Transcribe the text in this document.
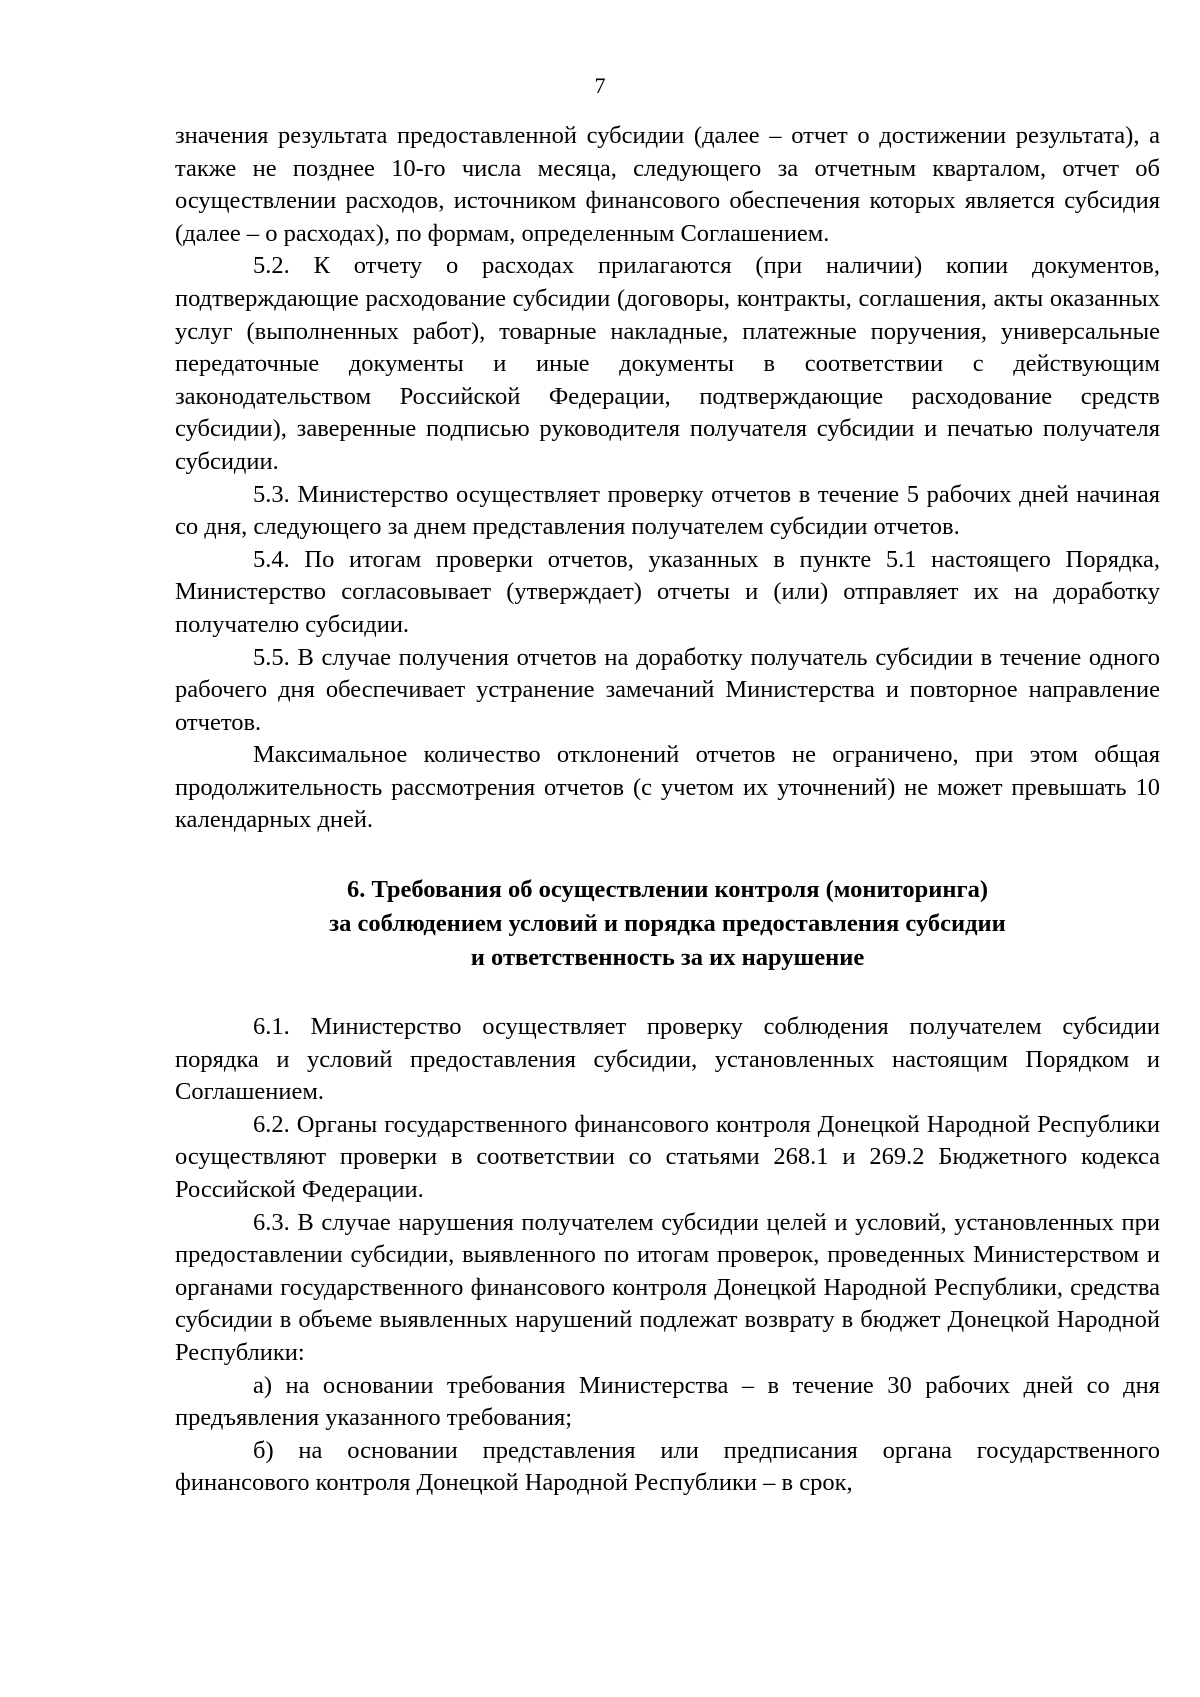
7

значения результата предоставленной субсидии (далее – отчет о достижении результата), а также не позднее 10-го числа месяца, следующего за отчетным кварталом, отчет об осуществлении расходов, источником финансового обеспечения которых является субсидия (далее – о расходах), по формам, определенным Соглашением.

5.2. К отчету о расходах прилагаются (при наличии) копии документов, подтверждающие расходование субсидии (договоры, контракты, соглашения, акты оказанных услуг (выполненных работ), товарные накладные, платежные поручения, универсальные передаточные документы и иные документы в соответствии с действующим законодательством Российской Федерации, подтверждающие расходование средств субсидии), заверенные подписью руководителя получателя субсидии и печатью получателя субсидии.

5.3. Министерство осуществляет проверку отчетов в течение 5 рабочих дней начиная со дня, следующего за днем представления получателем субсидии отчетов.

5.4. По итогам проверки отчетов, указанных в пункте 5.1 настоящего Порядка, Министерство согласовывает (утверждает) отчеты и (или) отправляет их на доработку получателю субсидии.

5.5. В случае получения отчетов на доработку получатель субсидии в течение одного рабочего дня обеспечивает устранение замечаний Министерства и повторное направление отчетов.

Максимальное количество отклонений отчетов не ограничено, при этом общая продолжительность рассмотрения отчетов (с учетом их уточнений) не может превышать 10 календарных дней.

6. Требования об осуществлении контроля (мониторинга)
за соблюдением условий и порядка предоставления субсидии
и ответственность за их нарушение

6.1. Министерство осуществляет проверку соблюдения получателем субсидии порядка и условий предоставления субсидии, установленных настоящим Порядком и Соглашением.

6.2. Органы государственного финансового контроля Донецкой Народной Республики осуществляют проверки в соответствии со статьями 268.1 и 269.2 Бюджетного кодекса Российской Федерации.

6.3. В случае нарушения получателем субсидии целей и условий, установленных при предоставлении субсидии, выявленного по итогам проверок, проведенных Министерством и органами государственного финансового контроля Донецкой Народной Республики, средства субсидии в объеме выявленных нарушений подлежат возврату в бюджет Донецкой Народной Республики:

а) на основании требования Министерства – в течение 30 рабочих дней со дня предъявления указанного требования;

б) на основании представления или предписания органа государственного финансового контроля Донецкой Народной Республики – в срок,
